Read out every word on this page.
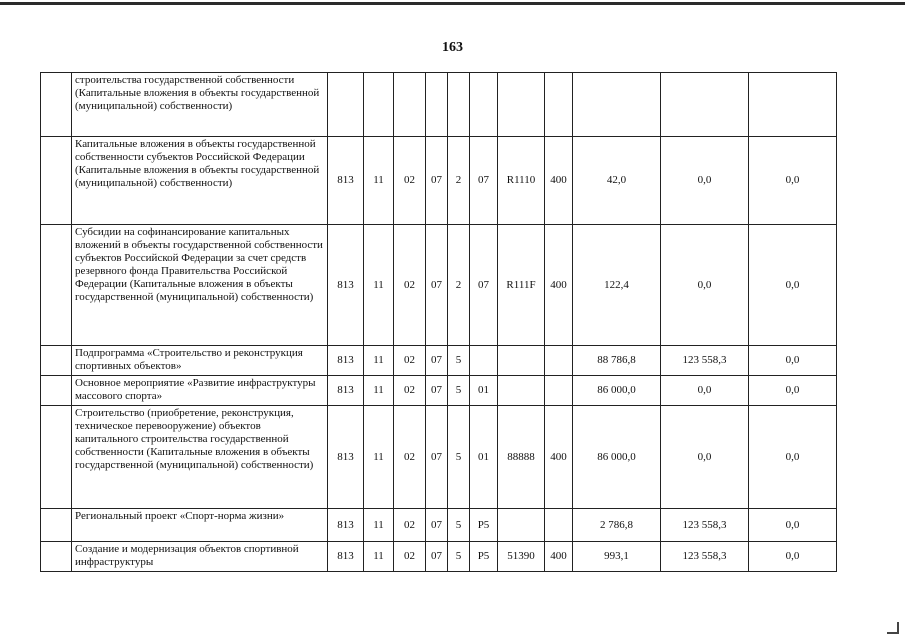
163
	строительства государственной собственности (Капитальные вложения в объекты государственной (муниципальной) собственности)											
	Капитальные вложения в объекты государственной собственности субъектов Российской Федерации (Капитальные вложения в объекты государственной (муниципальной) собственности)	813	11	02	07	2	07	R1110	400	42,0	0,0	0,0
	Субсидии на софинансирование капитальных вложений в объекты государственной собственности субъектов Российской Федерации за счет средств резервного фонда Правительства Российской Федерации (Капитальные вложения в объекты государственной (муниципальной) собственности)	813	11	02	07	2	07	R111F	400	122,4	0,0	0,0
	Подпрограмма «Строительство и реконструкция спортивных объектов»	813	11	02	07	5				88 786,8	123 558,3	0,0
	Основное мероприятие «Развитие инфраструктуры массового спорта»	813	11	02	07	5	01			86 000,0	0,0	0,0
	Строительство (приобретение, реконструкция, техническое перевооружение) объектов капитального строительства государственной собственности (Капитальные вложения в объекты государственной (муниципальной) собственности)	813	11	02	07	5	01	88888	400	86 000,0	0,0	0,0
	Региональный проект «Спорт-норма жизни»	813	11	02	07	5	Р5			2 786,8	123 558,3	0,0
	Создание и модернизация объектов спортивной инфраструктуры	813	11	02	07	5	Р5	51390	400	993,1	123 558,3	0,0
